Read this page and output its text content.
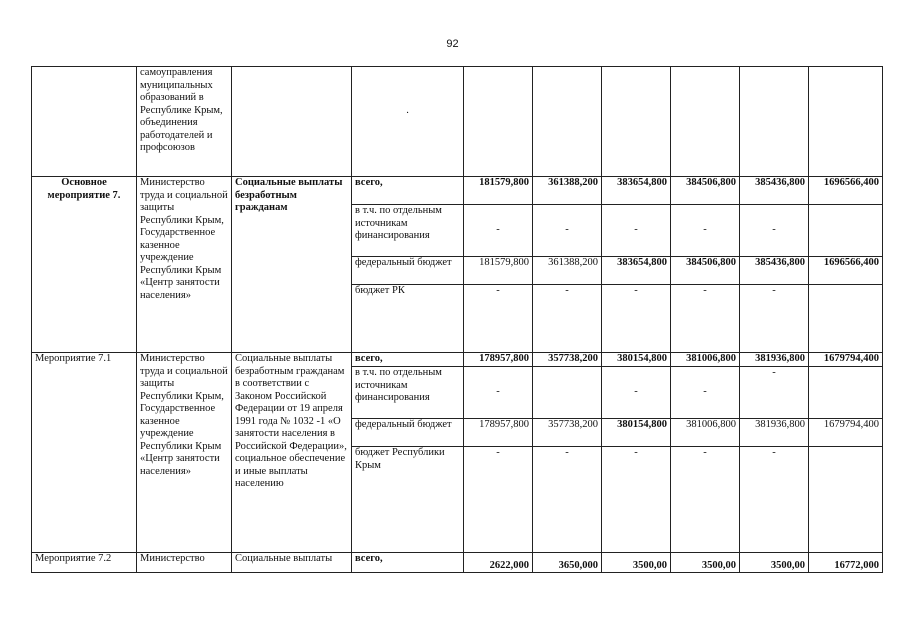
92
	самоуправления муниципальных образований в Республике Крым, объединения работодателей и профсоюзов		.						

Основное мероприятие 7.	Министерство труда и социальной защиты Республики Крым, Государственное казенное учреждение Республики Крым «Центр занятости населения»	Социальные выплаты безработным гражданам	всего,	181579,800	361388,200	383654,800	384506,800	385436,800	1696566,400
			в т.ч. по отдельным источникам финансирования	-	-	-	-	-	
			федеральный бюджет	181579,800	361388,200	383654,800	384506,800	385436,800	1696566,400
			бюджет РК	-	-	-	-	-	
Мероприятие 7.1	Министерство труда и социальной защиты Республики Крым, Государственное казенное учреждение Республики Крым «Центр занятости населения»	Социальные выплаты безработным гражданам в соответствии с Законом Российской Федерации от 19 апреля 1991 года № 1032 -1 «О занятости населения в Российской Федерации», социальное обеспечение и иные выплаты населению	всего,	178957,800	357738,200	380154,800	381006,800	381936,800	1679794,400
			в т.ч. по отдельным источникам финансирования	-		-	-	-	
			федеральный бюджет	178957,800	357738,200	380154,800	381006,800	381936,800	1679794,400
			бюджет Республики Крым	-	-	-	-	-	
Мероприятие 7.2	Министерство	Социальные выплаты	всего,	2622,000	3650,000	3500,00	3500,00	3500,00	16772,000
